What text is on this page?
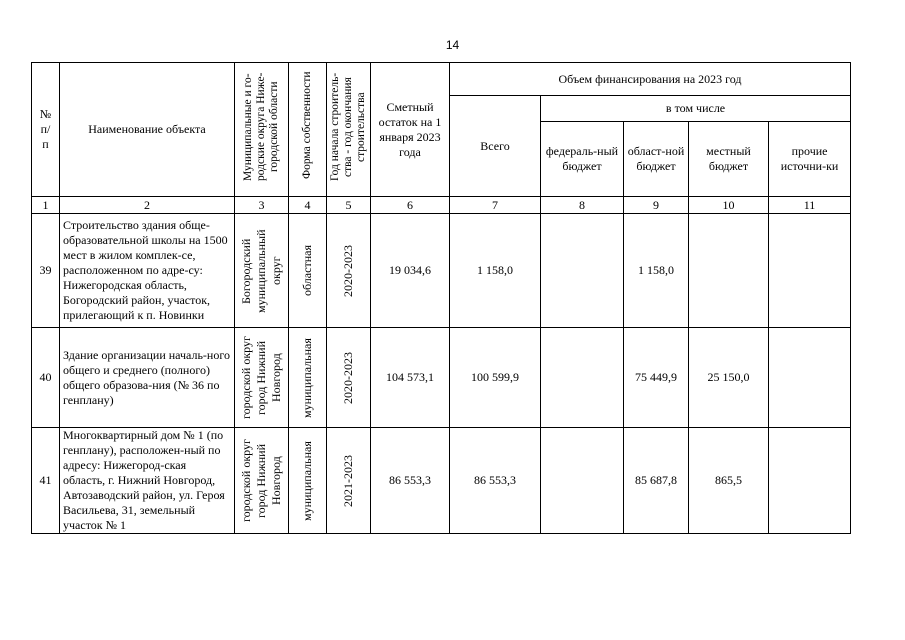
14
№ п/ п	Наименование объекта	Муниципальные и го-родские округа Ниже-городской области	Форма собственности	Год начала строитель-ства - год окончания строительства	Сметный остаток на 1 января 2023 года	Объем финансирования на 2023 год				
						Всего	в том числе			
							федераль-ный бюджет	област-ной бюджет	местный бюджет	прочие источни-ки
1	2	3	4	5	6	7	8	9	10	11
39	Строительство здания обще-образовательной школы на 1500 мест в жилом комплек-се, расположенном по адре-су: Нижегородская область, Богородский район, участок, прилегающий к п. Новинки	Богородский муниципальный округ	областная	2020-2023	19 034,6	1 158,0		1 158,0		
40	Здание организации началь-ного общего и среднего (полного) общего образова-ния (№ 36 по генплану)	городской округ город Нижний Новгород	муниципальная	2020-2023	104 573,1	100 599,9		75 449,9	25 150,0	
41	Многоквартирный дом № 1 (по генплану), расположен-ный по адресу: Нижегород-ская область, г. Нижний Новгород, Автозаводский район, ул. Героя Васильева, 31, земельный участок № 1	городской округ город Нижний Новгород	муниципальная	2021-2023	86 553,3	86 553,3		85 687,8	865,5	
